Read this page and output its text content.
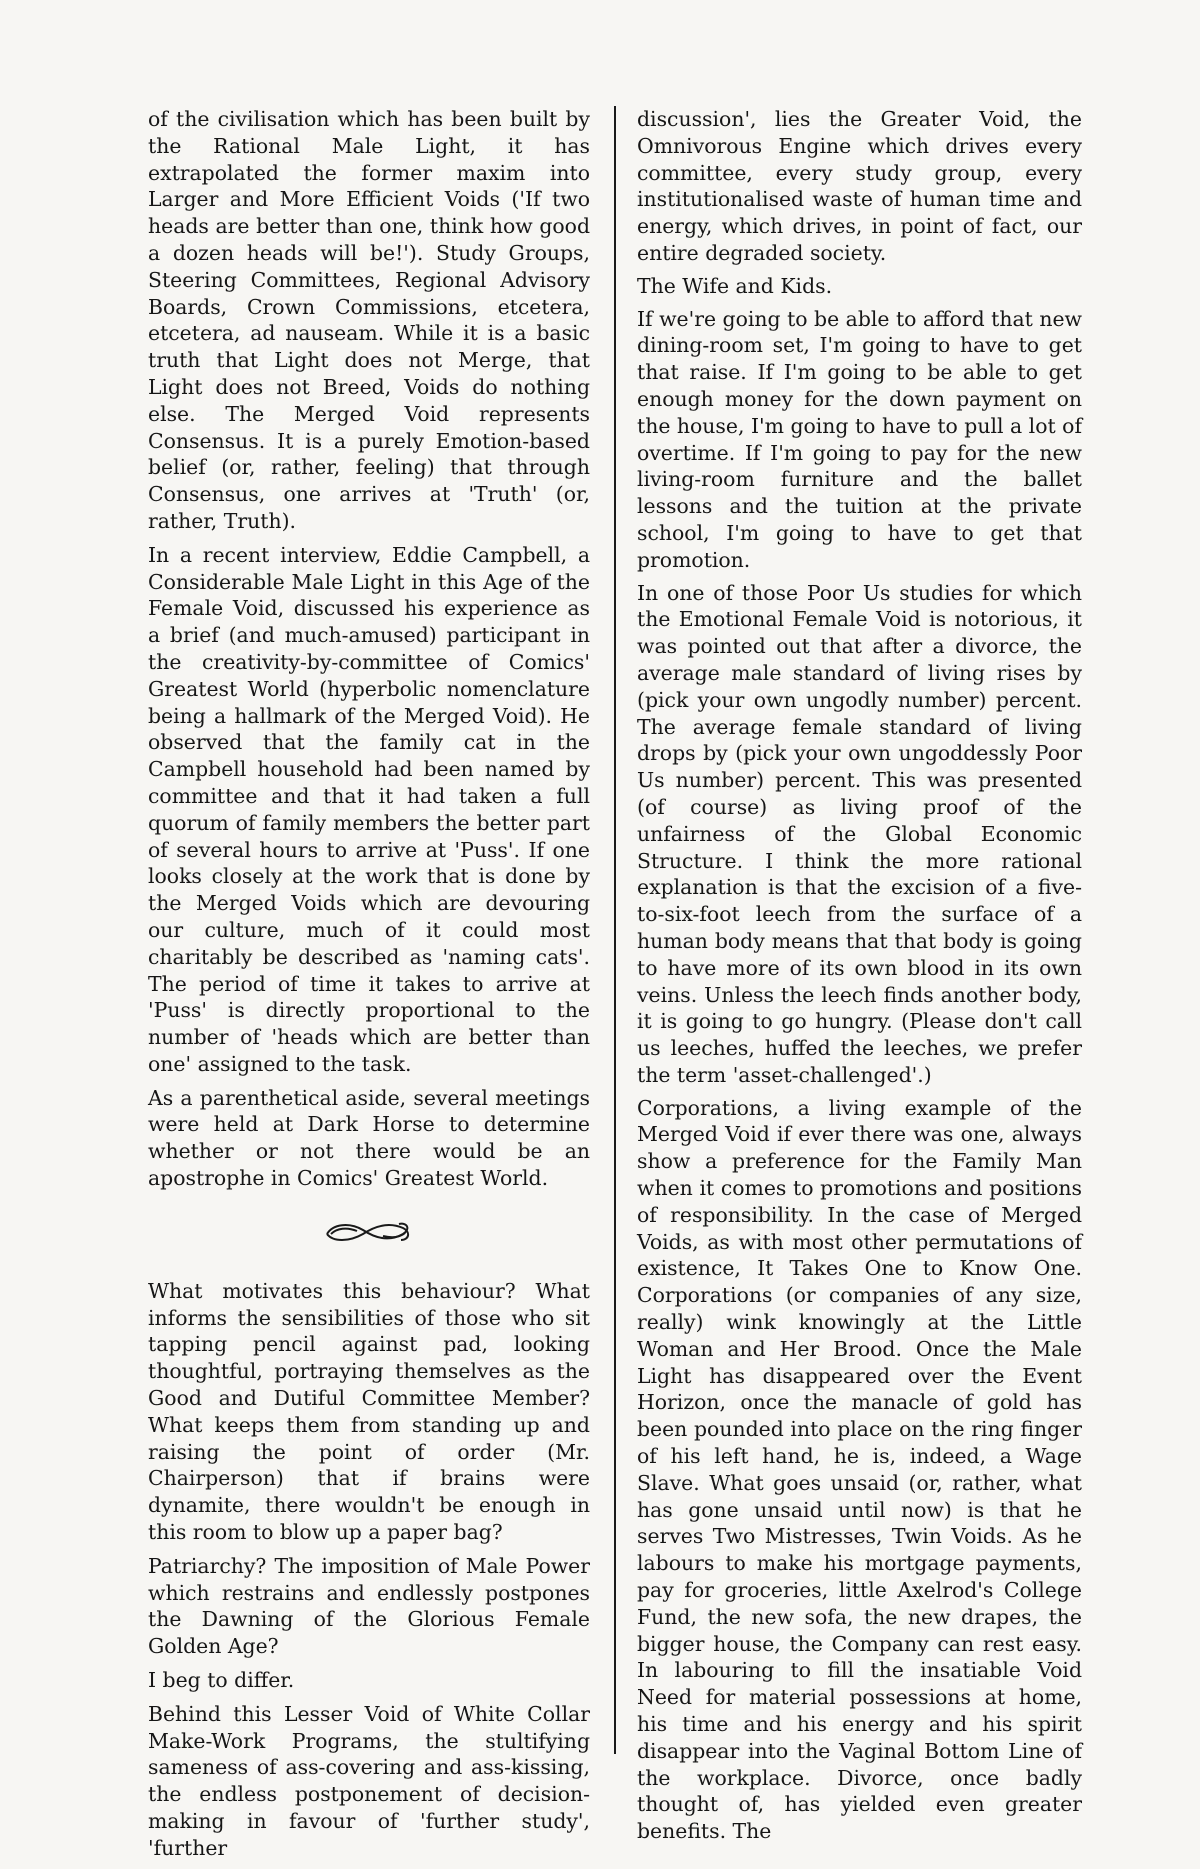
of the civilisation which has been built by the Rational Male Light, it has extrapolated the former maxim into Larger and More Efficient Voids ('If two heads are better than one, think how good a dozen heads will be!'). Study Groups, Steering Committees, Regional Advisory Boards, Crown Commissions, etcetera, etcetera, ad nauseam. While it is a basic truth that Light does not Merge, that Light does not Breed, Voids do nothing else. The Merged Void represents Consensus. It is a purely Emotion-based belief (or, rather, feeling) that through Consensus, one arrives at 'Truth' (or, rather, Truth).

In a recent interview, Eddie Campbell, a Considerable Male Light in this Age of the Female Void, discussed his experience as a brief (and much-amused) participant in the creativity-by-committee of Comics' Greatest World (hyperbolic nomenclature being a hallmark of the Merged Void). He observed that the family cat in the Campbell household had been named by committee and that it had taken a full quorum of family members the better part of several hours to arrive at 'Puss'. If one looks closely at the work that is done by the Merged Voids which are devouring our culture, much of it could most charitably be described as 'naming cats'. The period of time it takes to arrive at 'Puss' is directly proportional to the number of 'heads which are better than one' assigned to the task.

As a parenthetical aside, several meetings were held at Dark Horse to determine whether or not there would be an apostrophe in Comics' Greatest World.

What motivates this behaviour? What informs the sensibilities of those who sit tapping pencil against pad, looking thoughtful, portraying themselves as the Good and Dutiful Committee Member? What keeps them from standing up and raising the point of order (Mr. Chairperson) that if brains were dynamite, there wouldn't be enough in this room to blow up a paper bag?

Patriarchy? The imposition of Male Power which restrains and endlessly postpones the Dawning of the Glorious Female Golden Age?

I beg to differ.

Behind this Lesser Void of White Collar Make-Work Programs, the stultifying sameness of ass-covering and ass-kissing, the endless postponement of decision-making in favour of 'further study', 'further

discussion', lies the Greater Void, the Omnivorous Engine which drives every committee, every study group, every institutionalised waste of human time and energy, which drives, in point of fact, our entire degraded society.

The Wife and Kids.

If we're going to be able to afford that new dining-room set, I'm going to have to get that raise. If I'm going to be able to get enough money for the down payment on the house, I'm going to have to pull a lot of overtime. If I'm going to pay for the new living-room furniture and the ballet lessons and the tuition at the private school, I'm going to have to get that promotion.

In one of those Poor Us studies for which the Emotional Female Void is notorious, it was pointed out that after a divorce, the average male standard of living rises by (pick your own ungodly number) percent. The average female standard of living drops by (pick your own ungoddessly Poor Us number) percent. This was presented (of course) as living proof of the unfairness of the Global Economic Structure. I think the more rational explanation is that the excision of a five-to-six-foot leech from the surface of a human body means that that body is going to have more of its own blood in its own veins. Unless the leech finds another body, it is going to go hungry. (Please don't call us leeches, huffed the leeches, we prefer the term 'asset-challenged'.)

Corporations, a living example of the Merged Void if ever there was one, always show a preference for the Family Man when it comes to promotions and positions of responsibility. In the case of Merged Voids, as with most other permutations of existence, It Takes One to Know One. Corporations (or companies of any size, really) wink knowingly at the Little Woman and Her Brood. Once the Male Light has disappeared over the Event Horizon, once the manacle of gold has been pounded into place on the ring finger of his left hand, he is, indeed, a Wage Slave. What goes unsaid (or, rather, what has gone unsaid until now) is that he serves Two Mistresses, Twin Voids. As he labours to make his mortgage payments, pay for groceries, little Axelrod's College Fund, the new sofa, the new drapes, the bigger house, the Company can rest easy. In labouring to fill the insatiable Void Need for material possessions at home, his time and his energy and his spirit disappear into the Vaginal Bottom Line of the workplace. Divorce, once badly thought of, has yielded even greater benefits. The
